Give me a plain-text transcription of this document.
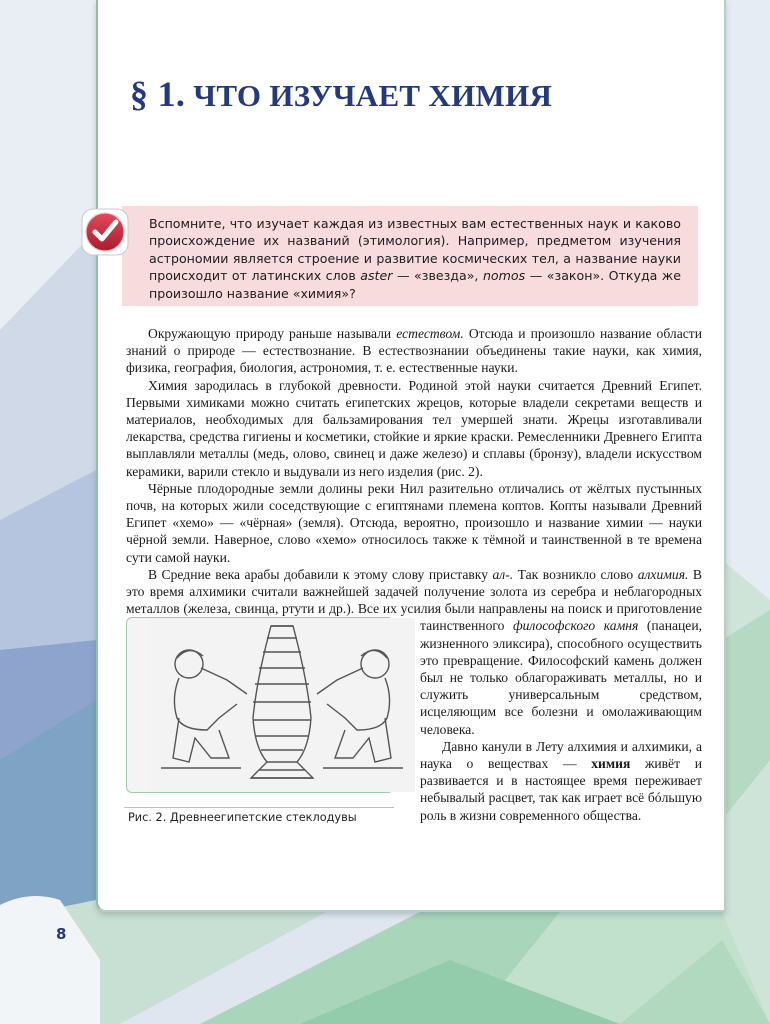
§ 1. ЧТО ИЗУЧАЕТ ХИМИЯ

Вспомните, что изучает каждая из известных вам естественных наук и каково происхождение их названий (этимология). Например, предметом изучения астрономии является строение и развитие космических тел, а название науки происходит от латинских слов aster — «звезда», nomos — «закон». Откуда же произошло название «химия»?

Окружающую природу раньше называли естеством. Отсюда и произошло название области знаний о природе — естествознание. В естествознании объединены такие науки, как химия, физика, география, биология, астрономия, т. е. естественные науки.

Химия зародилась в глубокой древности. Родиной этой науки считается Древний Египет. Первыми химиками можно считать египетских жрецов, которые владели секретами веществ и материалов, необходимых для бальзамирования тел умершей знати. Жрецы изготавливали лекарства, средства гигиены и косметики, стойкие и яркие краски. Ремесленники Древнего Египта выплавляли металлы (медь, олово, свинец и даже железо) и сплавы (бронзу), владели искусством керамики, варили стекло и выдували из него изделия (рис. 2).

Чёрные плодородные земли долины реки Нил разительно отличались от жёлтых пустынных почв, на которых жили соседствующие с египтянами племена коптов. Копты называли Древний Египет «хемо» — «чёрная» (земля). Отсюда, вероятно, произошло и название химии — науки чёрной земли. Наверное, слово «хемо» относилось также к тёмной и таинственной в те времена сути самой науки.

В Средние века арабы добавили к этому слову приставку ал-. Так возникло слово алхимия. В это время алхимики считали важнейшей задачей получение золота из серебра и неблагородных металлов (железа, свинца, ртути и др.). Все их усилия были направлены на поиск и приготовление таинственного
Рис. 2. Древнеегипетские стеклодувы
философского камня (панацеи, жизненного эликсира), способного осуществить это превращение. Философский камень должен был не только облагораживать металлы, но и служить универсальным средством, исцеляющим все болезни и омолаживающим человека.

Давно канули в Лету алхимия и алхимики, а наука о веществах — химия живёт и развивается и в настоящее время переживает небывалый расцвет, так как играет всё бóльшую роль в жизни современного общества.

8
